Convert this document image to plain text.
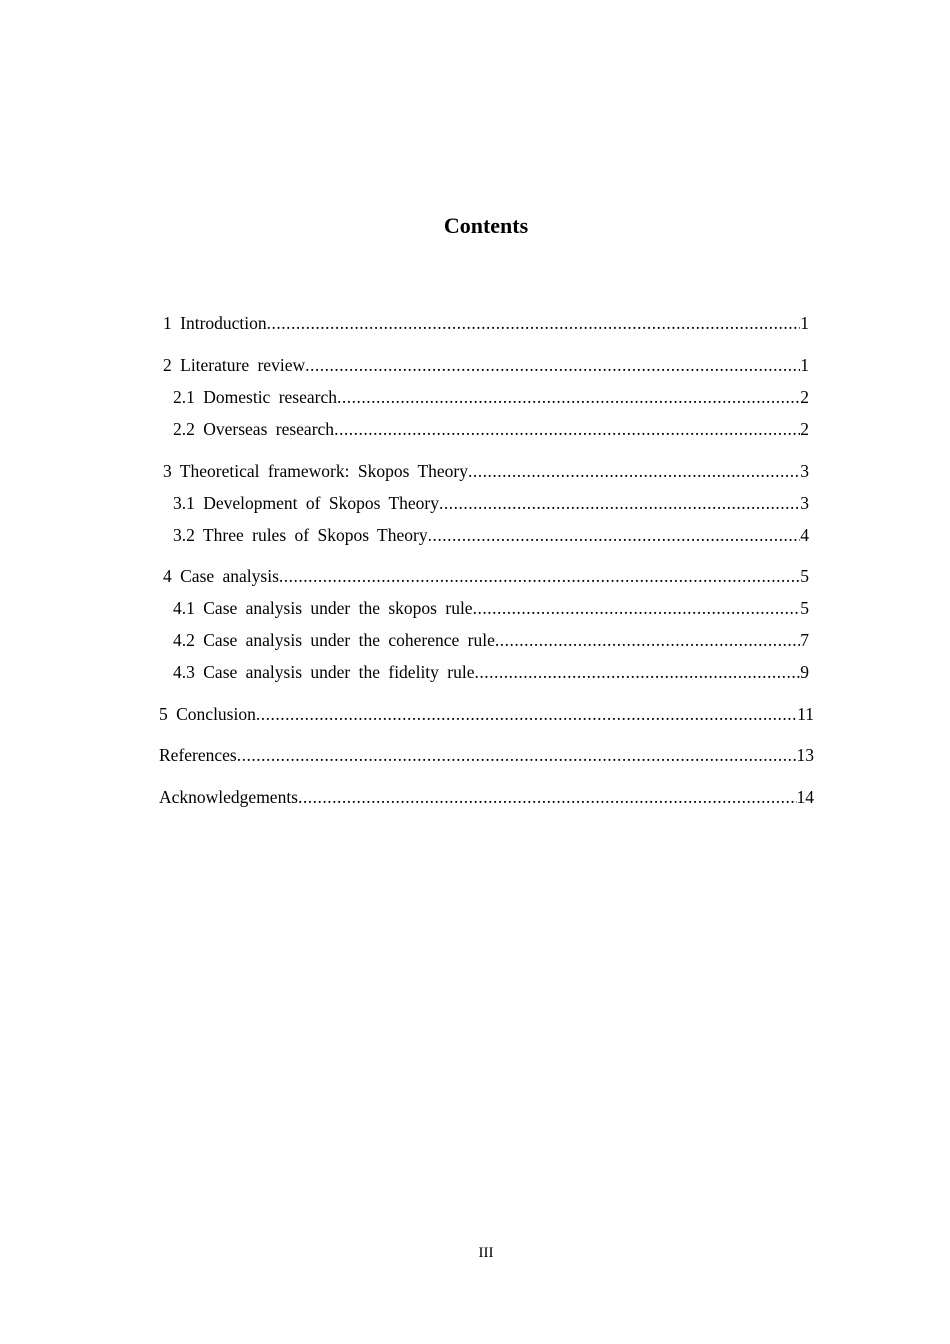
Contents
1 Introduction .....	1
2 Literature review .....	1
2.1 Domestic research .....	2
2.2 Overseas research .....	2
3 Theoretical framework: Skopos Theory .....	3
3.1 Development of Skopos Theory .....	3
3.2 Three rules of Skopos Theory .....	4
4 Case analysis .....	5
4.1 Case analysis under the skopos rule .....	5
4.2 Case analysis under the coherence rule .....	7
4.3 Case analysis under the fidelity rule .....	9
5 Conclusion .....	11
References .....	13
Acknowledgements .....	14
III
